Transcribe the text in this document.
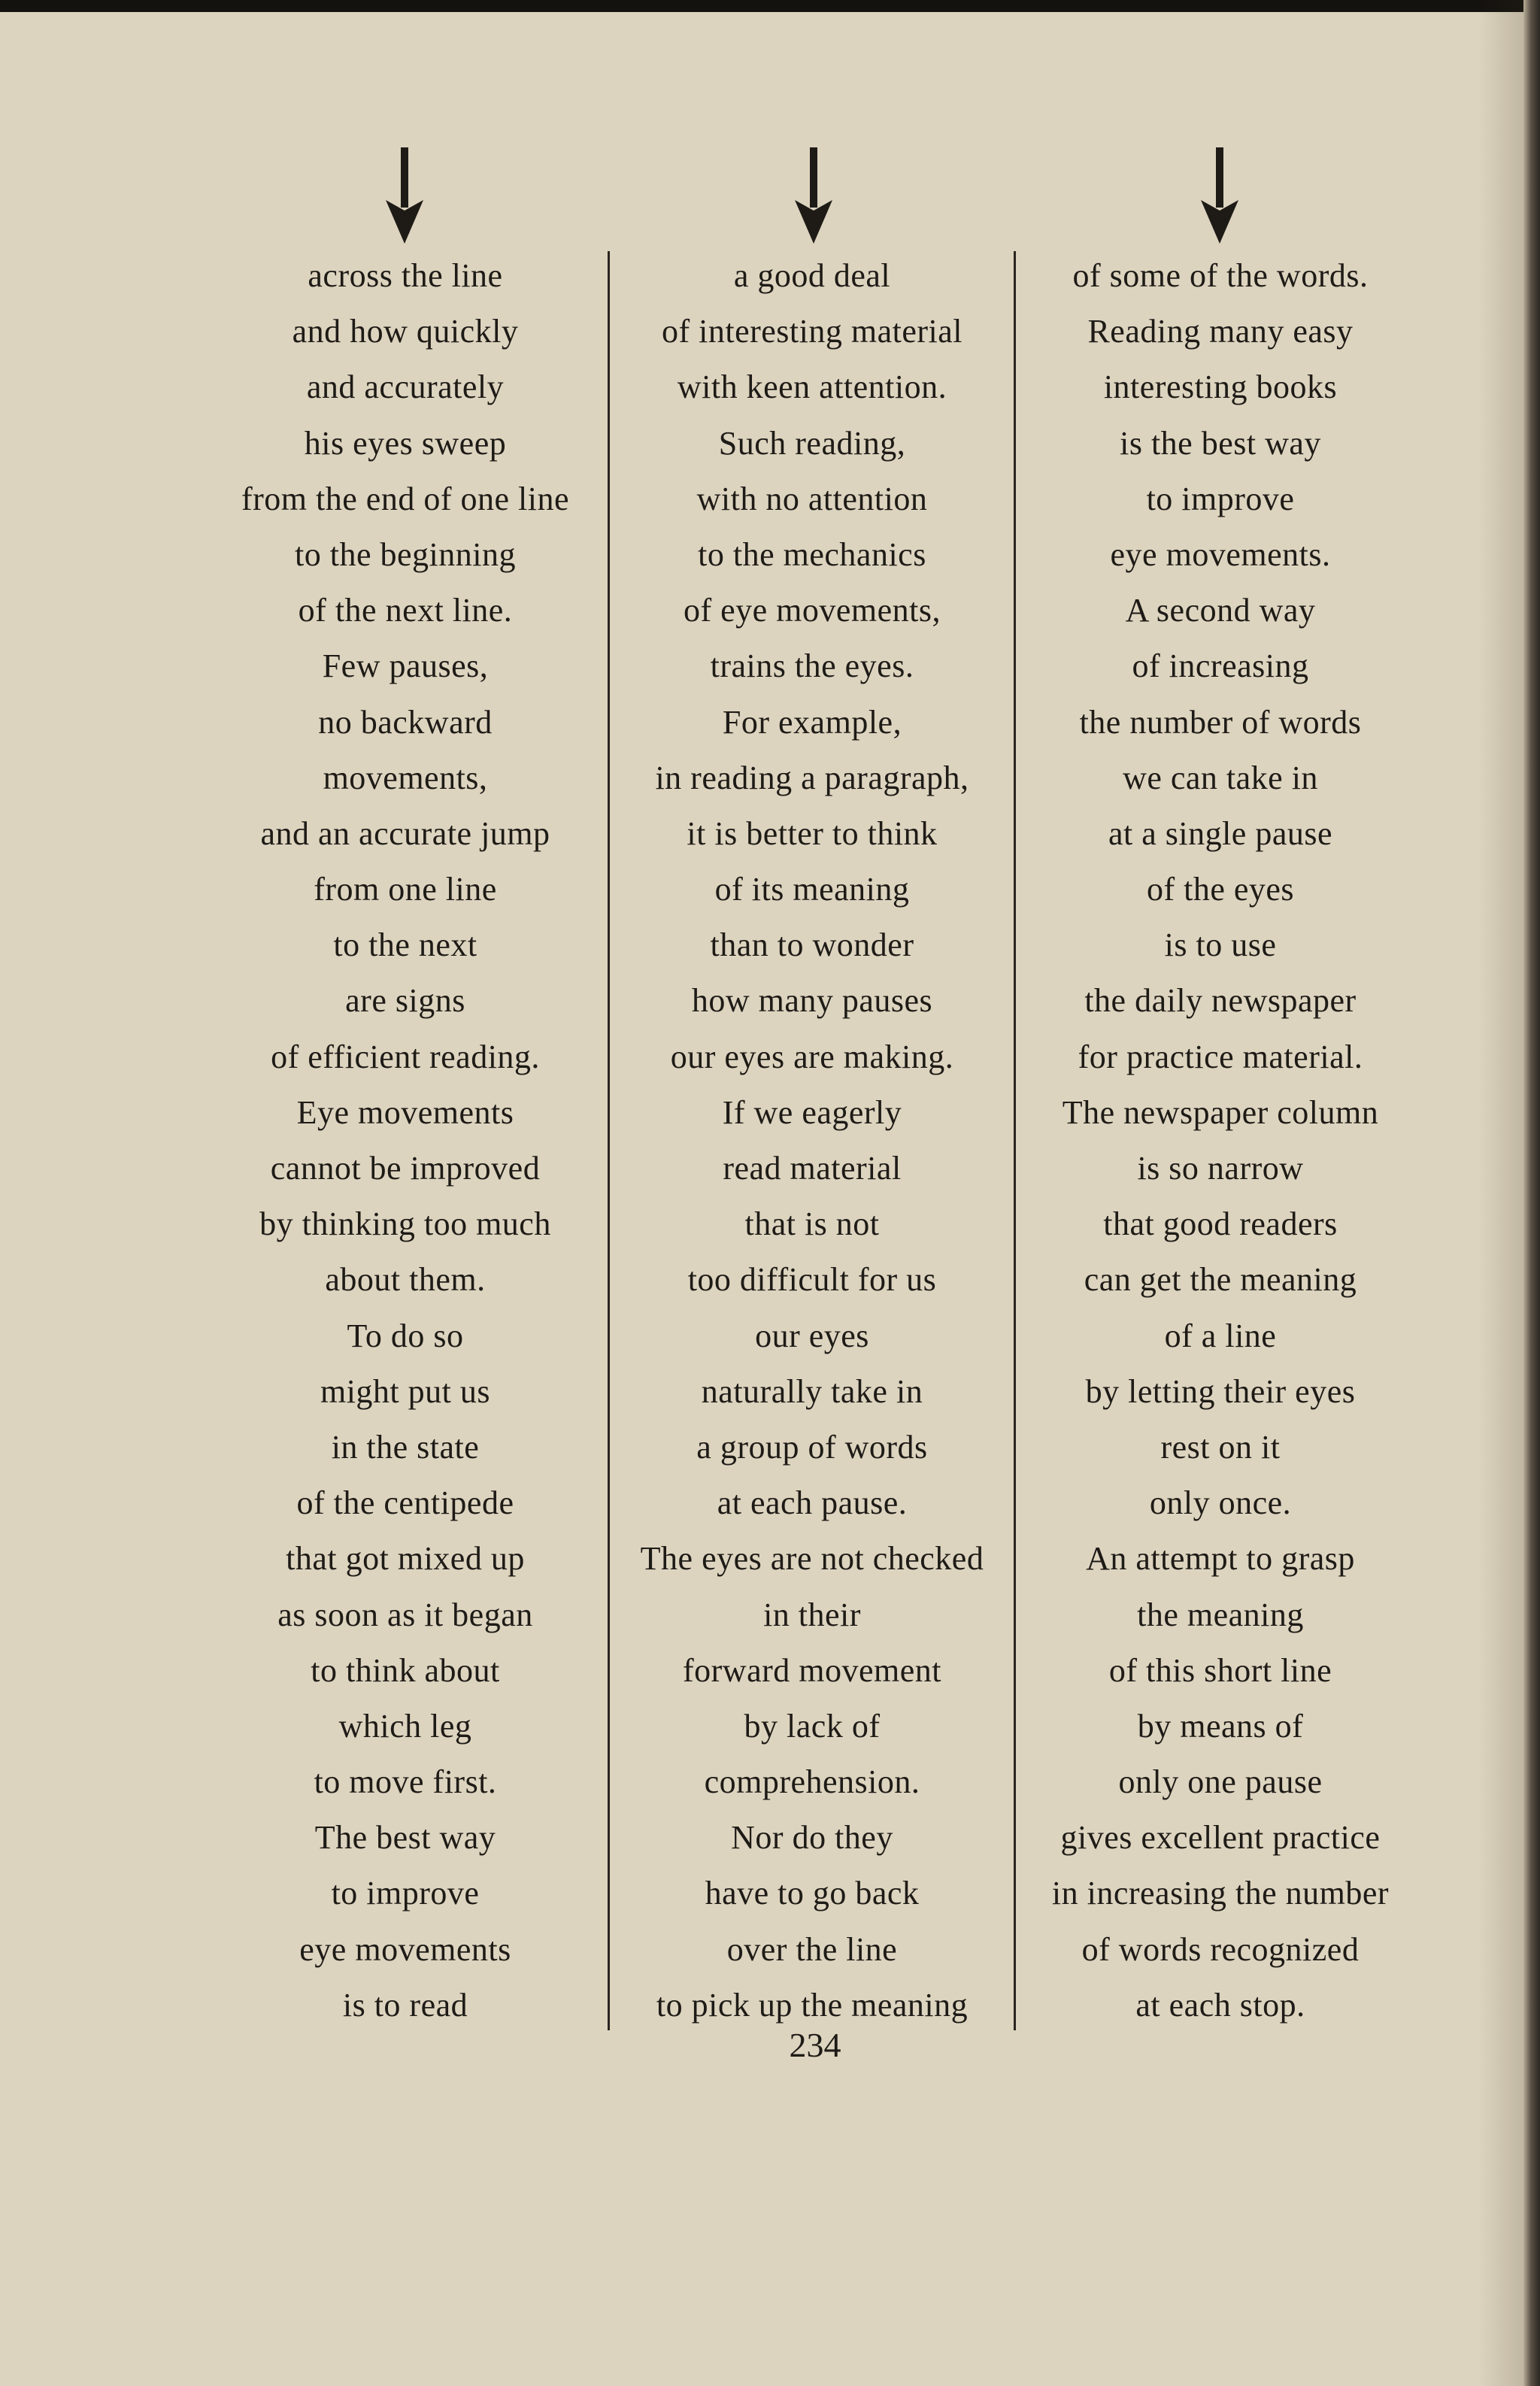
across the line
and how quickly
and accurately
his eyes sweep
from the end of one line
to the beginning
of the next line.
Few pauses,
no backward
movements,
and an accurate jump
from one line
to the next
are signs
of efficient reading.
Eye movements
cannot be improved
by thinking too much
about them.
To do so
might put us
in the state
of the centipede
that got mixed up
as soon as it began
to think about
which leg
to move first.
The best way
to improve
eye movements
is to read
a good deal
of interesting material
with keen attention.
Such reading,
with no attention
to the mechanics
of eye movements,
trains the eyes.
For example,
in reading a paragraph,
it is better to think
of its meaning
than to wonder
how many pauses
our eyes are making.
If we eagerly
read material
that is not
too difficult for us
our eyes
naturally take in
a group of words
at each pause.
The eyes are not checked
in their
forward movement
by lack of
comprehension.
Nor do they
have to go back
over the line
to pick up the meaning
of some of the words.
Reading many easy
interesting books
is the best way
to improve
eye movements.
A second way
of increasing
the number of words
we can take in
at a single pause
of the eyes
is to use
the daily newspaper
for practice material.
The newspaper column
is so narrow
that good readers
can get the meaning
of a line
by letting their eyes
rest on it
only once.
An attempt to grasp
the meaning
of this short line
by means of
only one pause
gives excellent practice
in increasing the number
of words recognized
at each stop.
234
